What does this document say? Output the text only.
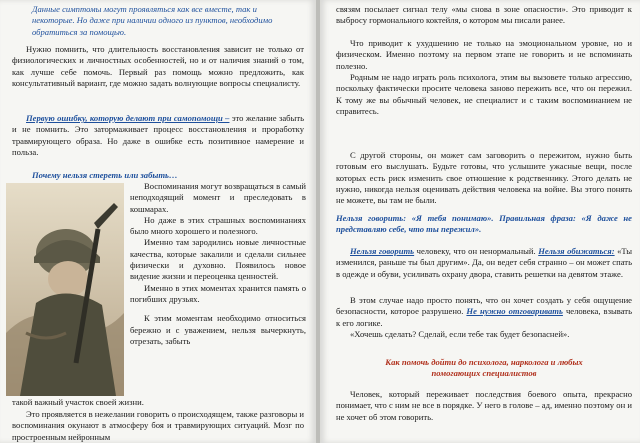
Данные симптомы могут проявляться как все вместе, так и
некоторые. Но даже при наличии одного из пунктов, необходимо
обратиться за помощью.
Нужно помнить, что длительность восстановления зависит не только от физиологических и личностных особенностей, но и от наличия знаний о том, как лучше себе помочь. Первый раз помощь можно предложить, как консультативный вариант, где можно задать волнующие вопросы специалисту.
Первую ошибку, которую делают при самопомощи – это желание забыть и не помнить. Это затормаживает процесс восстановления и проработку травмирующего образа. Но даже в ошибке есть позитивное намерение и польза.
Почему нельзя стереть или забыть…
Воспоминания могут возвращаться в самый неподходящий момент и преследовать в кошмарах.
Но даже в этих страшных воспоминаниях было много хорошего и полезного.
Именно там зародились новые личностные качества, которые закалили и сделали сильнее физически и духовно. Появилось новое видение жизни и переоценка ценностей.
Именно в этих моментах хранится память о погибших друзьях.
К этим моментам необходимо относиться бережно и с уважением, нельзя вычеркнуть, отрезать, забыть
такой важный участок своей жизни.
Это проявляется в нежелании говорить о происходящем, также разговоры и воспоминания окунают в атмосферу боя и травмирующих ситуаций. Мозг по простроенным нейронным
связям посылает сигнал телу «мы снова в зоне опасности». Это приводит к выбросу гормонального коктейля, о котором мы писали ранее.
Что приводит к ухудшению не только на эмоциональном уровне, но и физическом. Именно поэтому на первом этапе не говорить и не вспоминать полезно.
Родным не надо играть роль психолога, этим вы вызовете только агрессию, поскольку фактически просите человека заново пережить все, что он пережил. К тому же вы обычный человек, не специалист и с таким воспоминанием не справитесь.
С другой стороны, он может сам заговорить о пережитом, нужно быть готовым его выслушать. Будьте готовы, что услышите ужасные вещи, после которых есть риск изменить свое отношение к родственнику. Этого делать не нужно, никогда нельзя оценивать действия человека на войне. Вы этого понять не можете, вы там не были.
Нельзя говорить: «Я тебя понимаю». Правильная фраза: «Я даже не представляю себе, что ты пережил».
Нельзя говорить человеку, что он ненормальный. Нельзя обижаться: «Ты изменился, раньше ты был другим». Да, он ведет себя странно – он может спать в одежде и обуви, усиливать охрану двора, ставить решетки на девятом этаже.
В этом случае надо просто понять, что он хочет создать у себя ощущение безопасности, которое разрушено. Не нужно отговаривать человека, взывать к его логике.
«Хочешь сделать? Сделай, если тебе так будет безопасней».
Как помочь дойти до психолога, нарколога и любых помогающих специалистов
Человек, который переживает последствия боевого опыта, прекрасно понимает, что с ним не все в порядке. У него в голове – ад, именно поэтому он и не хочет об этом говорить.
